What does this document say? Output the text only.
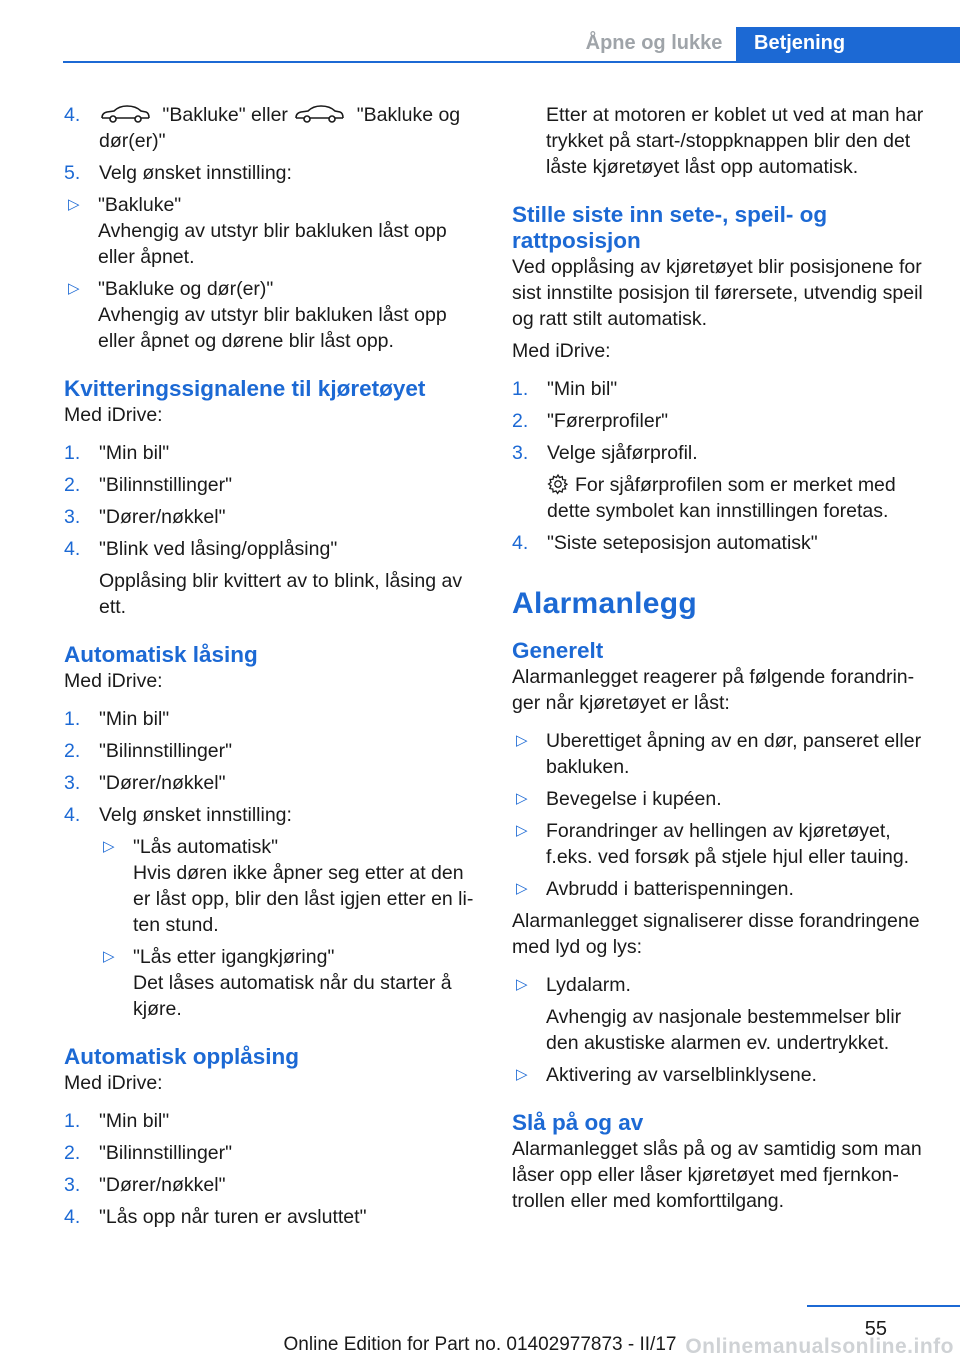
Åpne og lukke	Betjening
4.	"Bakluke" eller	"Bakluke og dør(er)"
5. Velg ønsket innstilling:
▷ "Bakluke"
Avhengig av utstyr blir bakluken låst opp eller åpnet.
▷ "Bakluke og dør(er)"
Avhengig av utstyr blir bakluken låst opp eller åpnet og dørene blir låst opp.
Kvitteringssignalene til kjøretøyet
Med iDrive:
1. "Min bil"
2. "Bilinnstillinger"
3. "Dører/nøkkel"
4. "Blink ved låsing/opplåsing"
Opplåsing blir kvittert av to blink, låsing av ett.
Automatisk låsing
Med iDrive:
1. "Min bil"
2. "Bilinnstillinger"
3. "Dører/nøkkel"
4. Velg ønsket innstilling:
▷ "Lås automatisk"
Hvis døren ikke åpner seg etter at den er låst opp, blir den låst igjen etter en liten stund.
▷ "Lås etter igangkjøring"
Det låses automatisk når du starter å kjøre.
Automatisk opplåsing
Med iDrive:
1. "Min bil"
2. "Bilinnstillinger"
3. "Dører/nøkkel"
4. "Lås opp når turen er avsluttet"
Etter at motoren er koblet ut ved at man har trykket på start-/stoppknappen blir den det låste kjøretøyet låst opp automatisk.
Stille siste inn sete-, speil- og rattposisjon
Ved opplåsing av kjøretøyet blir posisjonene for sist innstilte posisjon til førersete, utvendig speil og ratt stilt automatisk.
Med iDrive:
1. "Min bil"
2. "Førerprofiler"
3. Velge sjåførprofil.
For sjåførprofilen som er merket med dette symbolet kan innstillingen foretas.
4. "Siste seteposisjon automatisk"
Alarmanlegg
Generelt
Alarmanlegget reagerer på følgende forandringer når kjøretøyet er låst:
▷ Uberettiget åpning av en dør, panseret eller bakluken.
▷ Bevegelse i kupéen.
▷ Forandringer av hellingen av kjøretøyet, f.eks. ved forsøk på stjele hjul eller tauing.
▷ Avbrudd i batterispenningen.
Alarmanlegget signaliserer disse forandringene med lyd og lys:
▷ Lydalarm.
Avhengig av nasjonale bestemmelser blir den akustiske alarmen ev. undertrykket.
▷ Aktivering av varselblinklysene.
Slå på og av
Alarmanlegget slås på og av samtidig som man låser opp eller låser kjøretøyet med fjernkontrollen eller med komforttilgang.
55
Online Edition for Part no. 01402977873 - II/17 Onlinemanualsonline.info
